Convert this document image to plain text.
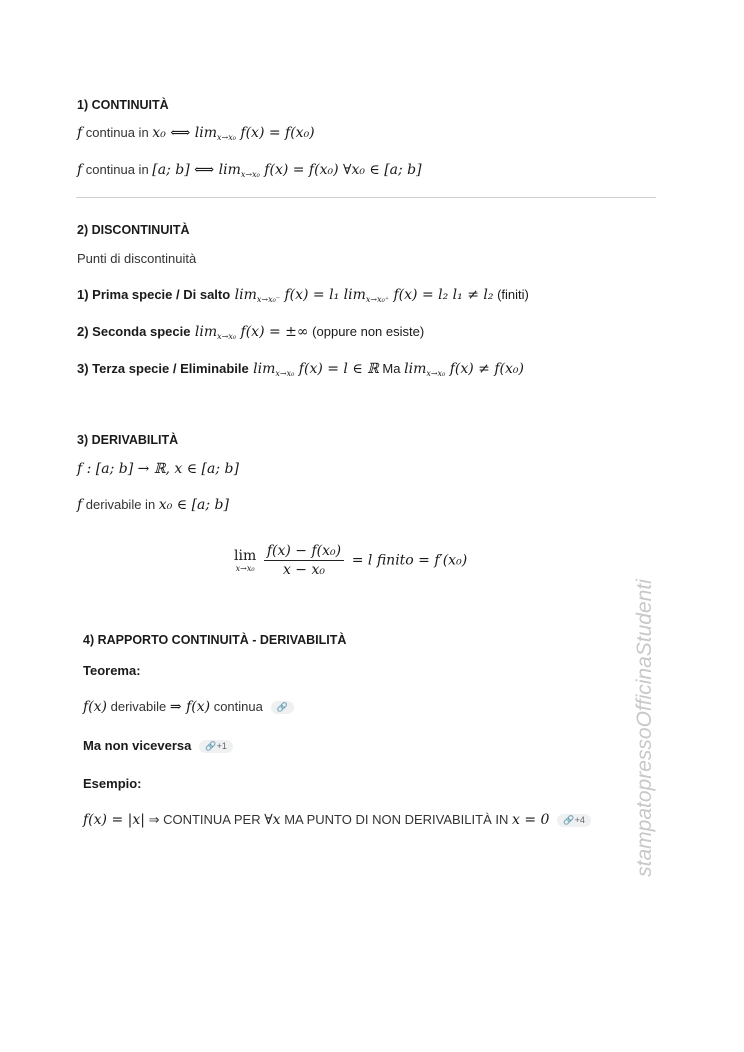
1) CONTINUITÀ
f continua in x₀ ⟺ $\lim_{x\to x_0} f(x) = f(x_0)$
f continua in [a; b] ⟺ $\lim_{x\to x_0} f(x) = f(x_0)$ ∀x₀ ∈ [a; b]
2) DISCONTINUITÀ
Punti di discontinuità
1) Prima specie / Di salto $\lim_{x\to x_0^-} f(x) = l_1$ $\lim_{x\to x_0^+} f(x) = l_2$ l₁ ≠ l₂ (finiti)
2) Seconda specie $\lim_{x\to x_0} f(x)$ = ±∞ (oppure non esiste)
3) Terza specie / Eliminabile $\lim_{x\to x_0} f(x) = l$ ∈ ℝ Ma $\lim_{x\to x_0} f(x) \ne f(x_0)$
3) DERIVABILITÀ
f : [a; b] → ℝ, x ∈ [a; b]
f derivabile in x₀ ∈ [a; b]
lim
x→x₀
$\frac{\text{f(x) − f(x₀)}}{\text{x − x₀}} = l$ finito = f′(x₀)
4) RAPPORTO CONTINUITÀ - DERIVABILITÀ
Teorema:
f(x) derivabile ⇒ f(x) continua 🔗
Ma non viceversa 🔗+1
Esempio:
f(x) = |x| ⇒ CONTINUA PER ∀x MA PUNTO DI NON DERIVABILITÀ IN x = 0 🔗+4 stampatopressoOfficinaStudenti
